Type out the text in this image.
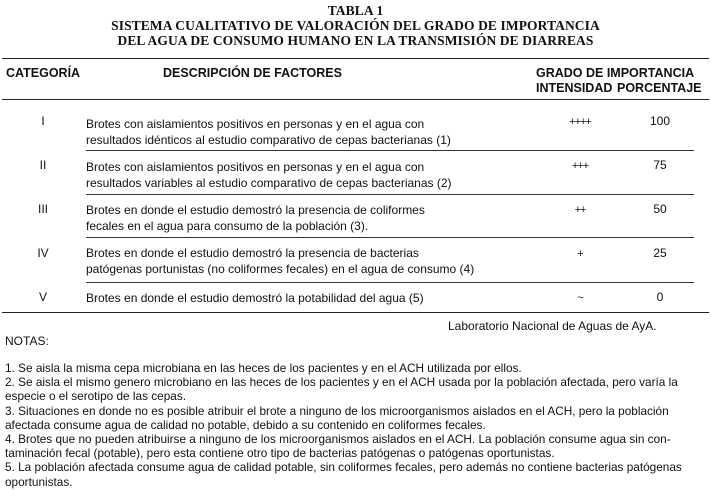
TABLA 1
SISTEMA CUALITATIVO DE VALORACIÓN DEL GRADO DE IMPORTANCIA
DEL AGUA DE CONSUMO HUMANO EN LA TRANSMISIÓN DE DIARREAS
CATEGORÍA	DESCRIPCIÓN DE FACTORES	GRADO DE IMPORTANCIA
INTENSIDAD PORCENTAJE
I	Brotes con aislamientos positivos en personas y en el agua con
resultados idénticos al estudio comparativo de cepas bacterianas (1)
++++	100
II	Brotes con aislamientos positivos en personas y en el agua con
resultados variables al estudio comparativo de cepas bacterianas (2)
+++	75
III	Brotes en donde el estudio demostró la presencia de coliformes
fecales en el agua para consumo de la población (3).
++	50
IV	Brotes en donde el estudio demostró la presencia de bacterias
patógenas portunistas (no coliformes fecales) en el agua de consumo (4)
+	25
V	Brotes en donde el estudio demostró la potabilidad del agua (5)	~	0
Laboratorio Nacional de Aguas de AyA.
NOTAS:
1. Se aisla la misma cepa microbiana en las heces de los pacientes y en el ACH utilizada por ellos.
2. Se aisla el mismo genero microbiano en las heces de los pacientes y en el ACH usada por la población afectada, pero varía la
especie o el serotipo de las cepas.
3. Situaciones en donde no es posible atribuir el brote a ninguno de los microorganismos aislados en el ACH, pero la población
afectada consume agua de calidad no potable, debido a su contenido en coliformes fecales.
4. Brotes que no pueden atribuirse a ninguno de los microorganismos aislados en el ACH. La población consume agua sin con-
taminación fecal (potable), pero esta contiene otro tipo de bacterias patógenas o patógenas oportunistas.
5. La población afectada consume agua de calidad potable, sin coliformes fecales, pero además no contiene bacterias patógenas
oportunistas.
